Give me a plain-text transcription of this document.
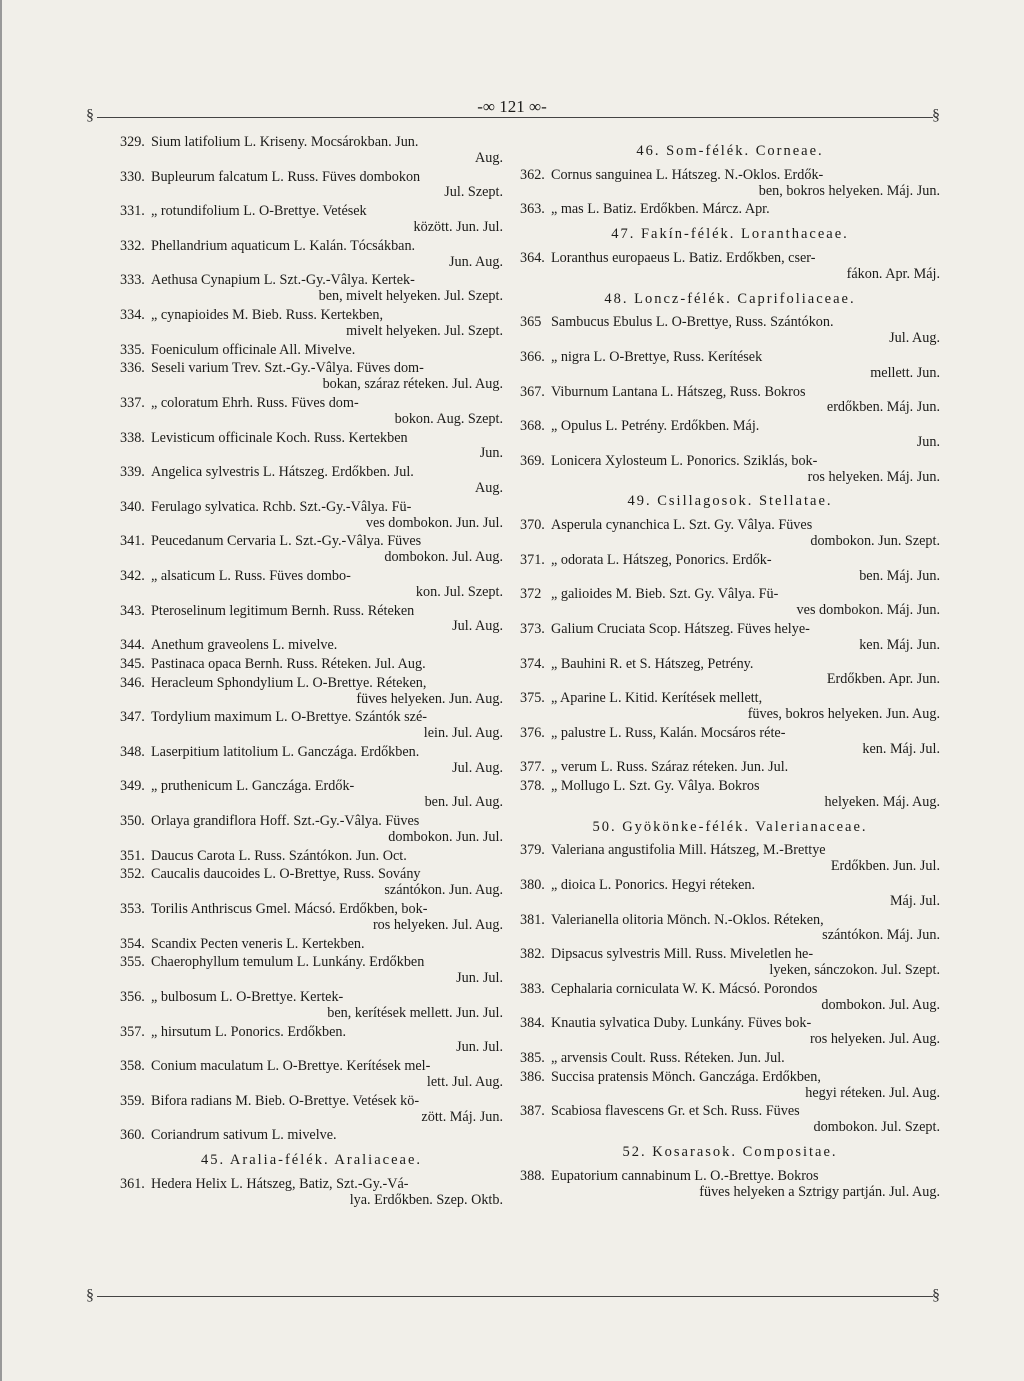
-∞ 121 ∞-
§	§
329. Sium latifolium L. Kriseny. Mocsárokban. Jun.
Aug.
330. Bupleurum falcatum L. Russ. Füves dombokon
Jul. Szept.
331. „ rotundifolium L. O-Brettye. Vetések
között. Jun. Jul.
332. Phellandrium aquaticum L. Kalán. Tócsákban.
Jun. Aug.
333. Aethusa Cynapium L. Szt.-Gy.-Vâlya. Kertek-
ben, mivelt helyeken. Jul. Szept.
334. „ cynapioides M. Bieb. Russ. Kertekben,
mivelt helyeken. Jul. Szept.
335. Foeniculum officinale All. Mivelve.
336. Seseli varium Trev. Szt.-Gy.-Vâlya. Füves dom-
bokan, száraz réteken. Jul. Aug.
337. „ coloratum Ehrh. Russ. Füves dom-
bokon. Aug. Szept.
338. Levisticum officinale Koch. Russ. Kertekben
Jun.
339. Angelica sylvestris L. Hátszeg. Erdőkben. Jul.
Aug.
340. Ferulago sylvatica. Rchb. Szt.-Gy.-Vâlya. Fü-
ves dombokon. Jun. Jul.
341. Peucedanum Cervaria L. Szt.-Gy.-Vâlya. Füves
dombokon. Jul. Aug.
342. „ alsaticum L. Russ. Füves dombo-
kon. Jul. Szept.
343. Pteroselinum legitimum Bernh. Russ. Réteken
Jul. Aug.
344. Anethum graveolens L. mivelve.
345. Pastinaca opaca Bernh. Russ. Réteken. Jul. Aug.
346. Heracleum Sphondylium L. O-Brettye. Réteken,
füves helyeken. Jun. Aug.
347. Tordylium maximum L. O-Brettye. Szántók szé-
lein. Jul. Aug.
348. Laserpitium latitolium L. Ganczága. Erdőkben.
Jul. Aug.
349. „ pruthenicum L. Ganczága. Erdők-
ben. Jul. Aug.
350. Orlaya grandiflora Hoff. Szt.-Gy.-Vâlya. Füves
dombokon. Jun. Jul.
351. Daucus Carota L. Russ. Szántókon. Jun. Oct.
352. Caucalis daucoides L. O-Brettye, Russ. Sovány
szántókon. Jun. Aug.
353. Torilis Anthriscus Gmel. Mácsó. Erdőkben, bok-
ros helyeken. Jul. Aug.
354. Scandix Pecten veneris L. Kertekben.
355. Chaerophyllum temulum L. Lunkány. Erdőkben
Jun. Jul.
356. „ bulbosum L. O-Brettye. Kertek-
ben, kerítések mellett. Jun. Jul.
357. „ hirsutum L. Ponorics. Erdőkben.
Jun. Jul.
358. Conium maculatum L. O-Brettye. Kerítések mel-
lett. Jul. Aug.
359. Bifora radians M. Bieb. O-Brettye. Vetések kö-
zött. Máj. Jun.
360. Coriandrum sativum L. mivelve.
45. Aralia-félék. Araliaceae.
361. Hedera Helix L. Hátszeg, Batiz, Szt.-Gy.-Vá-
lya. Erdőkben. Szep. Oktb.
46. Som-félék. Corneae.
362. Cornus sanguinea L. Hátszeg. N.-Oklos. Erdők-
ben, bokros helyeken. Máj. Jun.
363. „ mas L. Batiz. Erdőkben. Márcz. Apr.
47. Fakín-félék. Loranthaceae.
364. Loranthus europaeus L. Batiz. Erdőkben, cser-
fákon. Apr. Máj.
48. Loncz-félék. Caprifoliaceae.
365 Sambucus Ebulus L. O-Brettye, Russ. Szántókon.
Jul. Aug.
366. „ nigra L. O-Brettye, Russ. Kerítések
mellett. Jun.
367. Viburnum Lantana L. Hátszeg, Russ. Bokros
erdőkben. Máj. Jun.
368. „ Opulus L. Petrény. Erdőkben. Máj.
Jun.
369. Lonicera Xylosteum L. Ponorics. Sziklás, bok-
ros helyeken. Máj. Jun.
49. Csillagosok. Stellatae.
370. Asperula cynanchica L. Szt. Gy. Vâlya. Füves
dombokon. Jun. Szept.
371. „ odorata L. Hátszeg, Ponorics. Erdők-
ben. Máj. Jun.
372 „ galioides M. Bieb. Szt. Gy. Vâlya. Fü-
ves dombokon. Máj. Jun.
373. Galium Cruciata Scop. Hátszeg. Füves helye-
ken. Máj. Jun.
374. „ Bauhini R. et S. Hátszeg, Petrény.
Erdőkben. Apr. Jun.
375. „ Aparine L. Kitid. Kerítések mellett,
füves, bokros helyeken. Jun. Aug.
376. „ palustre L. Russ, Kalán. Mocsáros réte-
ken. Máj. Jul.
377. „ verum L. Russ. Száraz réteken. Jun. Jul.
378. „ Mollugo L. Szt. Gy. Vâlya. Bokros
helyeken. Máj. Aug.
50. Gyökönke-félék. Valerianaceae.
379. Valeriana angustifolia Mill. Hátszeg, M.-Brettye
Erdőkben. Jun. Jul.
380. „ dioica L. Ponorics. Hegyi réteken.
Máj. Jul.
381. Valerianella olitoria Mönch. N.-Oklos. Réteken,
szántókon. Máj. Jun.
382. Dipsacus sylvestris Mill. Russ. Miveletlen he-
lyeken, sánczokon. Jul. Szept.
383. Cephalaria corniculata W. K. Mácsó. Porondos
dombokon. Jul. Aug.
384. Knautia sylvatica Duby. Lunkány. Füves bok-
ros helyeken. Jul. Aug.
385. „ arvensis Coult. Russ. Réteken. Jun. Jul.
386. Succisa pratensis Mönch. Ganczága. Erdőkben,
hegyi réteken. Jul. Aug.
387. Scabiosa flavescens Gr. et Sch. Russ. Füves
dombokon. Jul. Szept.
52. Kosarasok. Compositae.
388. Eupatorium cannabinum L. O.-Brettye. Bokros
füves helyeken a Sztrigy partján. Jul. Aug.
§	§
